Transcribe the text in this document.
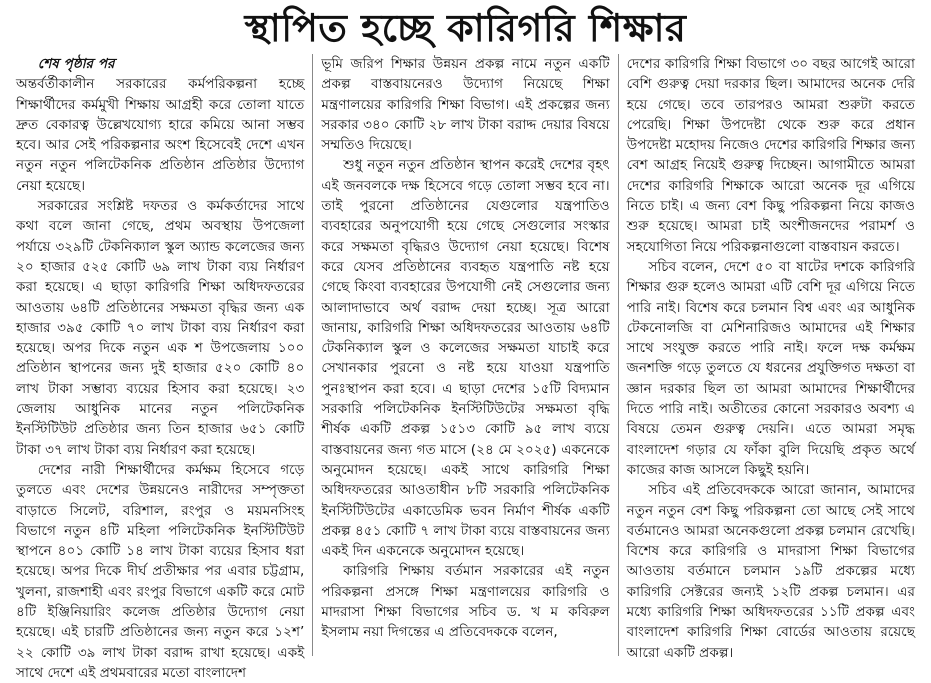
স্থাপিত হচ্ছে কারিগরি শিক্ষার

শেষ পৃষ্ঠার পর

অন্তর্বর্তীকালীন সরকারের কর্মপরিকল্পনা হচ্ছে শিক্ষার্থীদের কর্মমুখী শিক্ষায় আগ্রহী করে তোলা যাতে দ্রুত বেকারত্ব উল্লেখযোগ্য হারে কমিয়ে আনা সম্ভব হবে। আর সেই পরিকল্পনার অংশ হিসেবেই দেশে এখন নতুন নতুন পলিটেকনিক প্রতিষ্ঠান প্রতিষ্ঠার উদ্যোগ নেয়া হয়েছে।

সরকারের সংশ্লিষ্ট দফতর ও কর্মকর্তাদের সাথে কথা বলে জানা গেছে, প্রথম অবস্থায় উপজেলা পর্যায়ে ৩২৯টি টেকনিক্যাল স্কুল অ্যান্ড কলেজের জন্য ২০ হাজার ৫২৫ কোটি ৬৯ লাখ টাকা ব্যয় নির্ধারণ করা হয়েছে। এ ছাড়া কারিগরি শিক্ষা অধিদফতরের আওতায় ৬৪টি প্রতিষ্ঠানের সক্ষমতা বৃদ্ধির জন্য এক হাজার ৩৯৫ কোটি ৭০ লাখ টাকা ব্যয় নির্ধারণ করা হয়েছে। অপর দিকে নতুন এক শ উপজেলায় ১০০ প্রতিষ্ঠান স্থাপনের জন্য দুই হাজার ৫২০ কোটি ৪০ লাখ টাকা সম্ভাব্য ব্যয়ের হিসাব করা হয়েছে। ২৩ জেলায় আধুনিক মানের নতুন পলিটেকনিক ইনস্টিটিউট প্রতিষ্ঠার জন্য তিন হাজার ৬৫১ কোটি টাকা ৩৭ লাখ টাকা ব্যয় নির্ধারণ করা হয়েছে।

দেশের নারী শিক্ষার্থীদের কর্মক্ষম হিসেবে গড়ে তুলতে এবং দেশের উন্নয়নেও নারীদের সম্পৃক্ততা বাড়াতে সিলেট, বরিশাল, রংপুর ও ময়মনসিংহ বিভাগে নতুন ৪টি মহিলা পলিটেকনিক ইনস্টিটিউট স্থাপনে ৪০১ কোটি ১৪ লাখ টাকা ব্যয়ের হিসাব ধরা হয়েছে। অপর দিকে দীর্ঘ প্রতীক্ষার পর এবার চট্টগ্রাম, খুলনা, রাজশাহী এবং রংপুর বিভাগে একটি করে মোট ৪টি ইঞ্জিনিয়ারিং কলেজ প্রতিষ্ঠার উদ্যোগ নেয়া হয়েছে। এই চারটি প্রতিষ্ঠানের জন্য নতুন করে ১২শ’ ২২ কোটি ৩৯ লাখ টাকা বরাদ্দ রাখা হয়েছে। একই সাথে দেশে এই প্রথমবারের মতো বাংলাদেশ

ভূমি জরিপ শিক্ষার উন্নয়ন প্রকল্প নামে নতুন একটি প্রকল্প বাস্তবায়নেরও উদ্যোগ নিয়েছে শিক্ষা মন্ত্রণালয়ের কারিগরি শিক্ষা বিভাগ। এই প্রকল্পের জন্য সরকার ৩৪০ কোটি ২৮ লাখ টাকা বরাদ্দ দেয়ার বিষয়ে সম্মতিও দিয়েছে।

শুধু নতুন নতুন প্রতিষ্ঠান স্থাপন করেই দেশের বৃহৎ এই জনবলকে দক্ষ হিসেবে গড়ে তোলা সম্ভব হবে না। তাই পুরনো প্রতিষ্ঠানের যেগুলোর যন্ত্রপাতিও ব্যবহারের অনুপযোগী হয়ে গেছে সেগুলোর সংস্কার করে সক্ষমতা বৃদ্ধিরও উদ্যোগ নেয়া হয়েছে। বিশেষ করে যেসব প্রতিষ্ঠানের ব্যবহৃত যন্ত্রপাতি নষ্ট হয়ে গেছে কিংবা ব্যবহারের উপযোগী নেই সেগুলোর জন্য আলাদাভাবে অর্থ বরাদ্দ দেয়া হচ্ছে। সূত্র আরো জানায়, কারিগরি শিক্ষা অধিদফতরের আওতায় ৬৪টি টেকনিক্যাল স্কুল ও কলেজের সক্ষমতা যাচাই করে সেখানকার পুরনো ও নষ্ট হয়ে যাওয়া যন্ত্রপাতি পুনঃস্থাপন করা হবে। এ ছাড়া দেশের ১৫টি বিদ্যমান সরকারি পলিটেকনিক ইনস্টিটিউটের সক্ষমতা বৃদ্ধি শীর্ষক একটি প্রকল্প ১৫১৩ কোটি ৯৫ লাখ ব্যয়ে বাস্তবায়নের জন্য গত মাসে (২৪ মে ২০২৫) একনেকে অনুমোদন হয়েছে। একই সাথে কারিগরি শিক্ষা অধিদফতরের আওতাধীন ৮টি সরকারি পলিটেকনিক ইনস্টিটিউটের একাডেমিক ভবন নির্মাণ শীর্ষক একটি প্রকল্প ৪৫১ কোটি ৭ লাখ টাকা ব্যয়ে বাস্তবায়নের জন্য একই দিন একনেকে অনুমোদন হয়েছে।

কারিগরি শিক্ষায় বর্তমান সরকারের এই নতুন পরিকল্পনা প্রসঙ্গে শিক্ষা মন্ত্রণালয়ের কারিগরি ও মাদরাসা শিক্ষা বিভাগের সচিব ড. খ ম কবিরুল ইসলাম নয়া দিগন্তের এ প্রতিবেদককে বলেন,

দেশের কারিগরি শিক্ষা বিভাগে ৩০ বছর আগেই আরো বেশি গুরুত্ব দেয়া দরকার ছিল। আমাদের অনেক দেরি হয়ে গেছে। তবে তারপরও আমরা শুরুটা করতে পেরেছি। শিক্ষা উপদেষ্টা থেকে শুরু করে প্রধান উপদেষ্টা মহোদয় নিজেও দেশের কারিগরি শিক্ষার জন্য বেশ আগ্রহ নিয়েই গুরুত্ব দিচ্ছেন। আগামীতে আমরা দেশের কারিগরি শিক্ষাকে আরো অনেক দূর এগিয়ে নিতে চাই। এ জন্য বেশ কিছু পরিকল্পনা নিয়ে কাজও শুরু হয়েছে। আমরা চাই অংশীজনদের পরামর্শ ও সহযোগিতা নিয়ে পরিকল্পনাগুলো বাস্তবায়ন করতে।

সচিব বলেন, দেশে ৫০ বা ষাটের দশকে কারিগরি শিক্ষার গুরু হলেও আমরা এটি বেশি দূর এগিয়ে নিতে পারি নাই। বিশেষ করে চলমান বিশ্ব এবং এর আধুনিক টেকনোলজি বা মেশিনারিজও আমাদের এই শিক্ষার সাথে সংযুক্ত করতে পারি নাই। ফলে দক্ষ কর্মক্ষম জনশক্তি গড়ে তুলতে যে ধরনের প্রযুক্তিগত দক্ষতা বা জ্ঞান দরকার ছিল তা আমরা আমাদের শিক্ষার্থীদের দিতে পারি নাই। অতীতের কোনো সরকারও অবশ্য এ বিষয়ে তেমন গুরুত্ব দেয়নি। এতে আমরা সমৃদ্ধ বাংলাদেশ গড়ার যে ফাঁকা বুলি দিয়েছি প্রকৃত অর্থে কাজের কাজ আসলে কিছুই হয়নি।

সচিব এই প্রতিবেদককে আরো জানান, আমাদের নতুন নতুন বেশ কিছু পরিকল্পনা তো আছে সেই সাথে বর্তমানেও আমরা অনেকগুলো প্রকল্প চলমান রেখেছি। বিশেষ করে কারিগরি ও মাদরাসা শিক্ষা বিভাগের আওতায় বর্তমানে চলমান ১৯টি প্রকল্পের মধ্যে কারিগরি সেক্টরের জন্যই ১২টি প্রকল্প চলমান। এর মধ্যে কারিগরি শিক্ষা অধিদফতরের ১১টি প্রকল্প এবং বাংলাদেশ কারিগরি শিক্ষা বোর্ডের আওতায় রয়েছে আরো একটি প্রকল্প।
